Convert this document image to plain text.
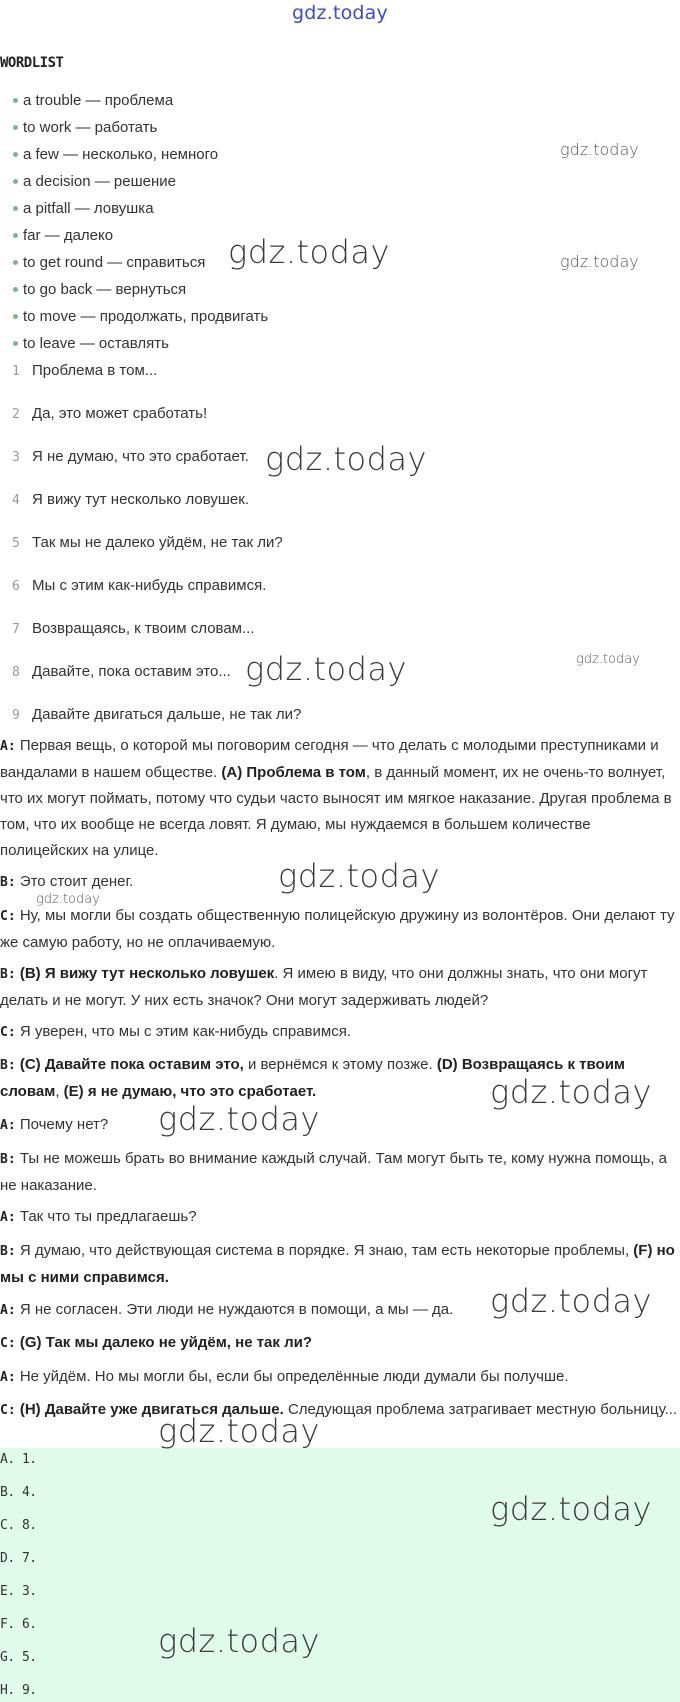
gdz.today
WORDLIST
a trouble — проблема
to work — работать
a few — несколько, немного
a decision — решение
a pitfall — ловушка
far — далеко
to get round — справиться
to go back — вернуться
to move — продолжать, продвигать
to leave — оставлять
1 Проблема в том...
2 Да, это может сработать!
3 Я не думаю, что это сработает.
4 Я вижу тут несколько ловушек.
5 Так мы не далеко уйдём, не так ли?
6 Мы с этим как-нибудь справимся.
7 Возвращаясь, к твоим словам...
8 Давайте, пока оставим это...
9 Давайте двигаться дальше, не так ли?

A: Первая вещь, о которой мы поговорим сегодня — что делать с молодыми преступниками и вандалами в нашем обществе. (A) Проблема в том, в данный момент, их не очень-то волнует, что их могут поймать, потому что судьи часто выносят им мягкое наказание. Другая проблема в том, что их вообще не всегда ловят. Я думаю, мы нуждаемся в большем количестве полицейских на улице.

B: Это стоит денег.

C: Ну, мы могли бы создать общественную полицейскую дружину из волонтёров. Они делают ту же самую работу, но не оплачиваемую.

B: (B) Я вижу тут несколько ловушек. Я имею в виду, что они должны знать, что они могут делать и не могут. У них есть значок? Они могут задерживать людей?

C: Я уверен, что мы с этим как-нибудь справимся.

B: (C) Давайте пока оставим это, и вернёмся к этому позже. (D) Возвращаясь к твоим словам, (E) я не думаю, что это сработает.

A: Почему нет?

B: Ты не можешь брать во внимание каждый случай. Там могут быть те, кому нужна помощь, а не наказание.

A: Так что ты предлагаешь?

B: Я думаю, что действующая система в порядке. Я знаю, там есть некоторые проблемы, (F) но мы с ними справимся.

A: Я не согласен. Эти люди не нуждаются в помощи, а мы — да.

C: (G) Так мы далеко не уйдём, не так ли?

A: Не уйдём. Но мы могли бы, если бы определённые люди думали бы получше.

C: (H) Давайте уже двигаться дальше. Следующая проблема затрагивает местную больницу...

A. 1.
B. 4.
C. 8.
D. 7.
E. 3.
F. 6.
G. 5.
H. 9.
gdz.today
gdz.today
gdz.today
gdz.today
gdz.today
gdz.today
gdz.today
gdz.today
gdz.today
gdz.today
gdz.today
gdz.today
gdz.today
gdz.today
